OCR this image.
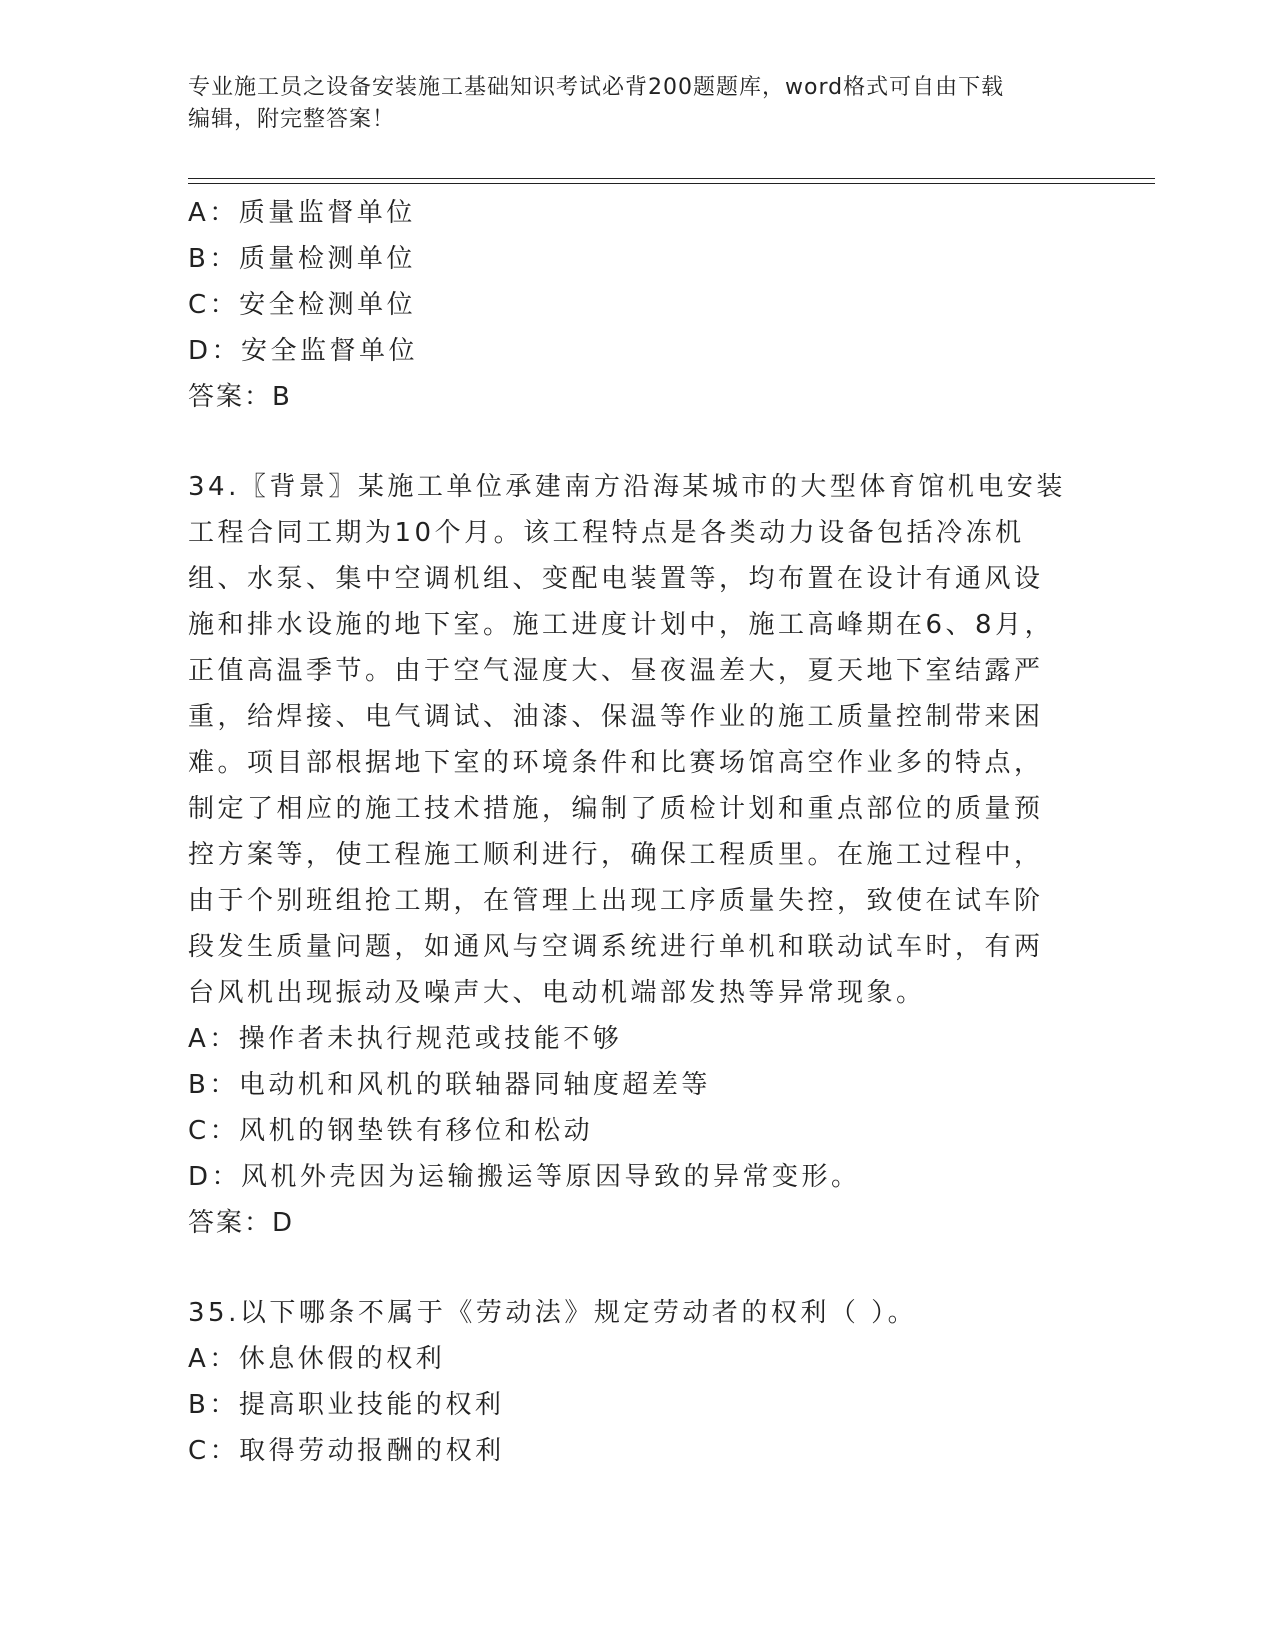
专业施工员之设备安装施工基础知识考试必背200题题库，word格式可自由下载
编辑，附完整答案！
A：质量监督单位
B：质量检测单位
C：安全检测单位
D：安全监督单位
答案：B
34.〖背景〗某施工单位承建南方沿海某城市的大型体育馆机电安装工程合同工期为10个月。该工程特点是各类动力设备包括冷冻机组、水泵、集中空调机组、变配电装置等，均布置在设计有通风设施和排水设施的地下室。施工进度计划中，施工高峰期在6、8月，正值高温季节。由于空气湿度大、昼夜温差大，夏天地下室结露严重，给焊接、电气调试、油漆、保温等作业的施工质量控制带来困难。项目部根据地下室的环境条件和比赛场馆高空作业多的特点，制定了相应的施工技术措施，编制了质检计划和重点部位的质量预控方案等，使工程施工顺利进行，确保工程质里。在施工过程中，由于个别班组抢工期，在管理上出现工序质量失控，致使在试车阶段发生质量问题，如通风与空调系统进行单机和联动试车时，有两台风机出现振动及噪声大、电动机端部发热等异常现象。
A：操作者未执行规范或技能不够
B：电动机和风机的联轴器同轴度超差等
C：风机的钢垫铁有移位和松动
D：风机外壳因为运输搬运等原因导致的异常变形。
答案：D
35.以下哪条不属于《劳动法》规定劳动者的权利（ ）。
A：休息休假的权利
B：提高职业技能的权利
C：取得劳动报酬的权利
